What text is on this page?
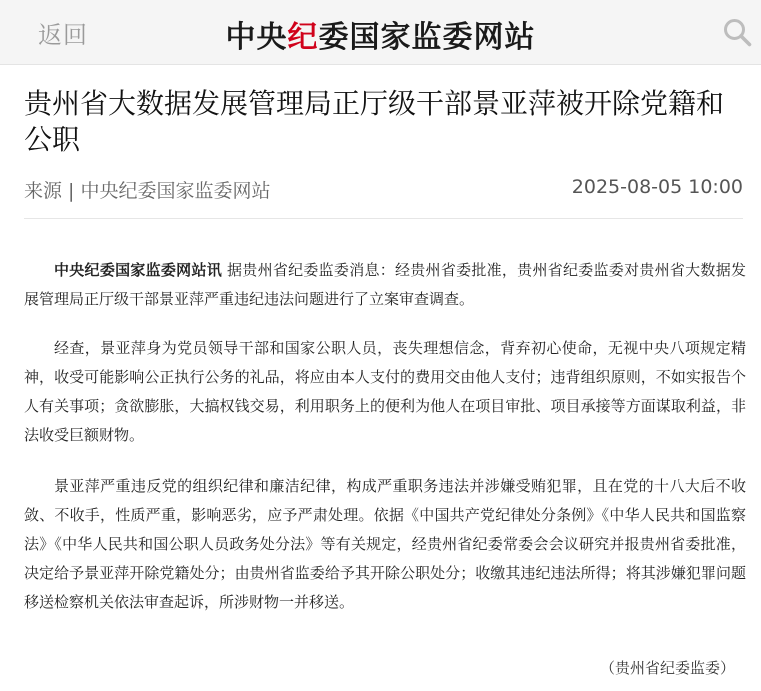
返回	中央纪委国家监委网站
贵州省大数据发展管理局正厅级干部景亚萍被开除党籍和公职
来源 | 中央纪委国家监委网站	2025-08-05 10:00

中央纪委国家监委网站讯 据贵州省纪委监委消息：经贵州省委批准，贵州省纪委监委对贵州省大数据发展管理局正厅级干部景亚萍严重违纪违法问题进行了立案审查调查。

经查，景亚萍身为党员领导干部和国家公职人员，丧失理想信念，背弃初心使命，无视中央八项规定精神，收受可能影响公正执行公务的礼品，将应由本人支付的费用交由他人支付；违背组织原则，不如实报告个人有关事项；贪欲膨胀，大搞权钱交易，利用职务上的便利为他人在项目审批、项目承接等方面谋取利益，非法收受巨额财物。

景亚萍严重违反党的组织纪律和廉洁纪律，构成严重职务违法并涉嫌受贿犯罪，且在党的十八大后不收敛、不收手，性质严重，影响恶劣，应予严肃处理。依据《中国共产党纪律处分条例》《中华人民共和国监察法》《中华人民共和国公职人员政务处分法》等有关规定，经贵州省纪委常委会会议研究并报贵州省委批准，决定给予景亚萍开除党籍处分；由贵州省监委给予其开除公职处分；收缴其违纪违法所得；将其涉嫌犯罪问题移送检察机关依法审查起诉，所涉财物一并移送。

（贵州省纪委监委）
